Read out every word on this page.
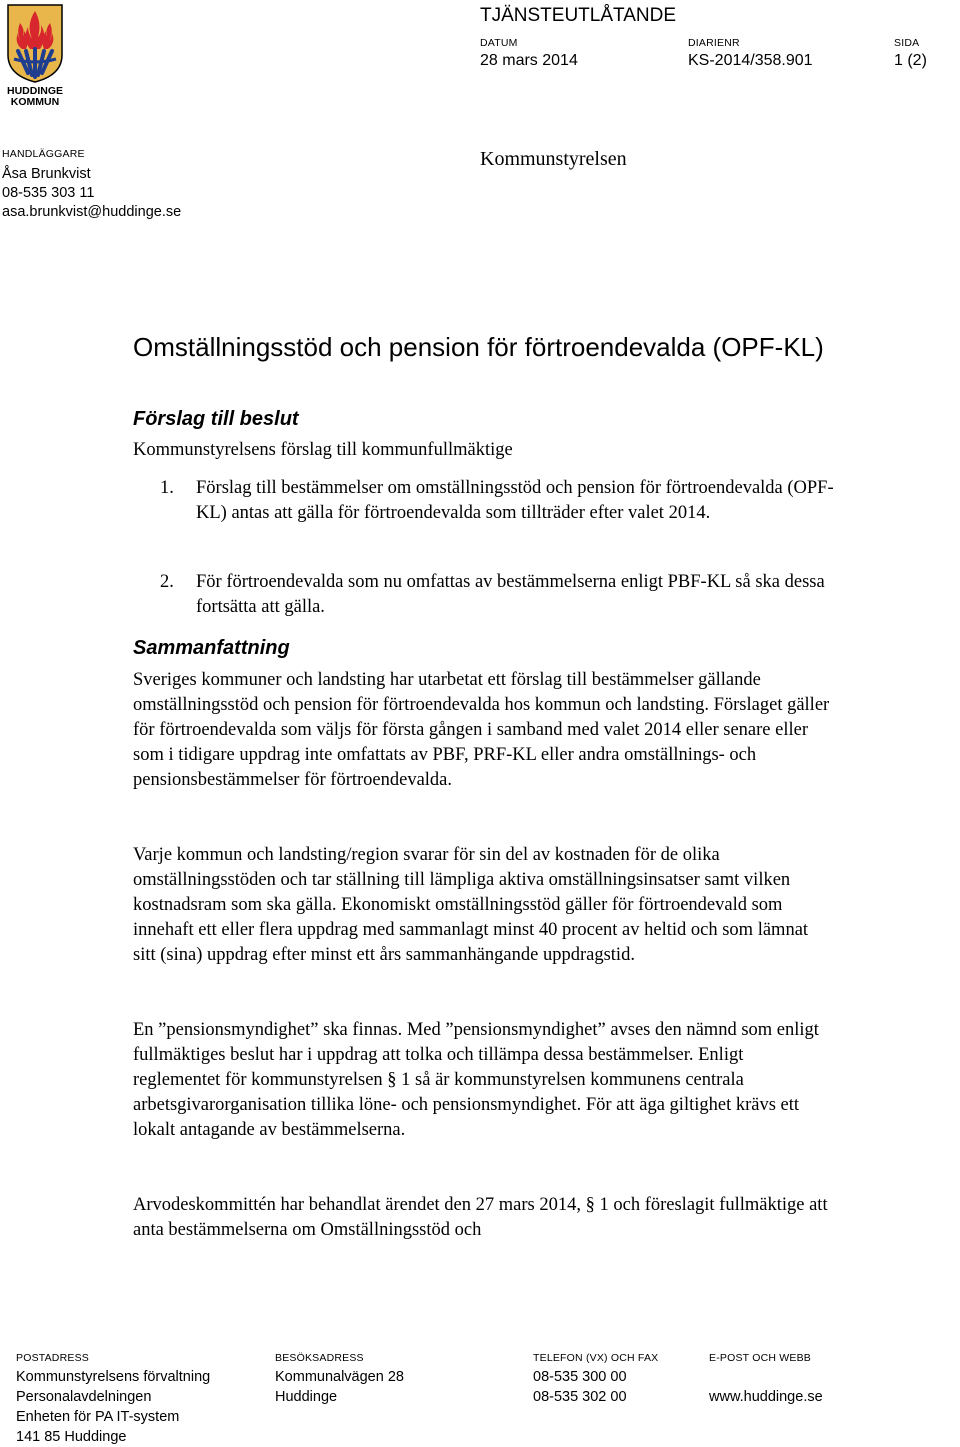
HUDDINGE
KOMMUN
TJÄNSTEUTLÅTANDE
DATUM
28 mars 2014
DIARIENR
KS-2014/358.901
SIDA
1 (2)
HANDLÄGGARE
Åsa Brunkvist
08-535 303 11
asa.brunkvist@huddinge.se
Kommunstyrelsen
Omställningsstöd och pension för förtroendevalda (OPF-KL)
Förslag till beslut
Kommunstyrelsens förslag till kommunfullmäktige
1.	Förslag till bestämmelser om omställningsstöd och pension för förtroendevalda (OPF-KL) antas att gälla för förtroendevalda som tillträder efter valet 2014.
2.	För förtroendevalda som nu omfattas av bestämmelserna enligt PBF-KL så ska dessa fortsätta att gälla.
Sammanfattning
Sveriges kommuner och landsting har utarbetat ett förslag till bestämmelser gällande omställningsstöd och pension för förtroendevalda hos kommun och landsting. Förslaget gäller för förtroendevalda som väljs för första gången i samband med valet 2014 eller senare eller som i tidigare uppdrag inte omfattats av PBF, PRF-KL eller andra omställnings- och pensionsbestämmelser för förtroendevalda.
Varje kommun och landsting/region svarar för sin del av kostnaden för de olika omställningsstöden och tar ställning till lämpliga aktiva omställningsinsatser samt vilken kostnadsram som ska gälla. Ekonomiskt omställningsstöd gäller för förtroendevald som innehaft ett eller flera uppdrag med sammanlagt minst 40 procent av heltid och som lämnat sitt (sina) uppdrag efter minst ett års sammanhängande uppdragstid.
En ”pensionsmyndighet” ska finnas. Med ”pensionsmyndighet” avses den nämnd som enligt fullmäktiges beslut har i uppdrag att tolka och tillämpa dessa bestämmelser. Enligt reglementet för kommunstyrelsen § 1 så är kommunstyrelsen kommunens centrala arbetsgivarorganisation tillika löne- och pensionsmyndighet. För att äga giltighet krävs ett lokalt antagande av bestämmelserna.
Arvodeskommittén har behandlat ärendet den 27 mars 2014, § 1 och föreslagit fullmäktige att anta bestämmelserna om Omställningsstöd och
POSTADRESS
Kommunstyrelsens förvaltning
Personalavdelningen
Enheten för PA IT-system
141 85 Huddinge
BESÖKSADRESS
Kommunalvägen 28
Huddinge
TELEFON (VX) OCH FAX
08-535 300 00
08-535 302 00
E-POST OCH WEBB
www.huddinge.se
